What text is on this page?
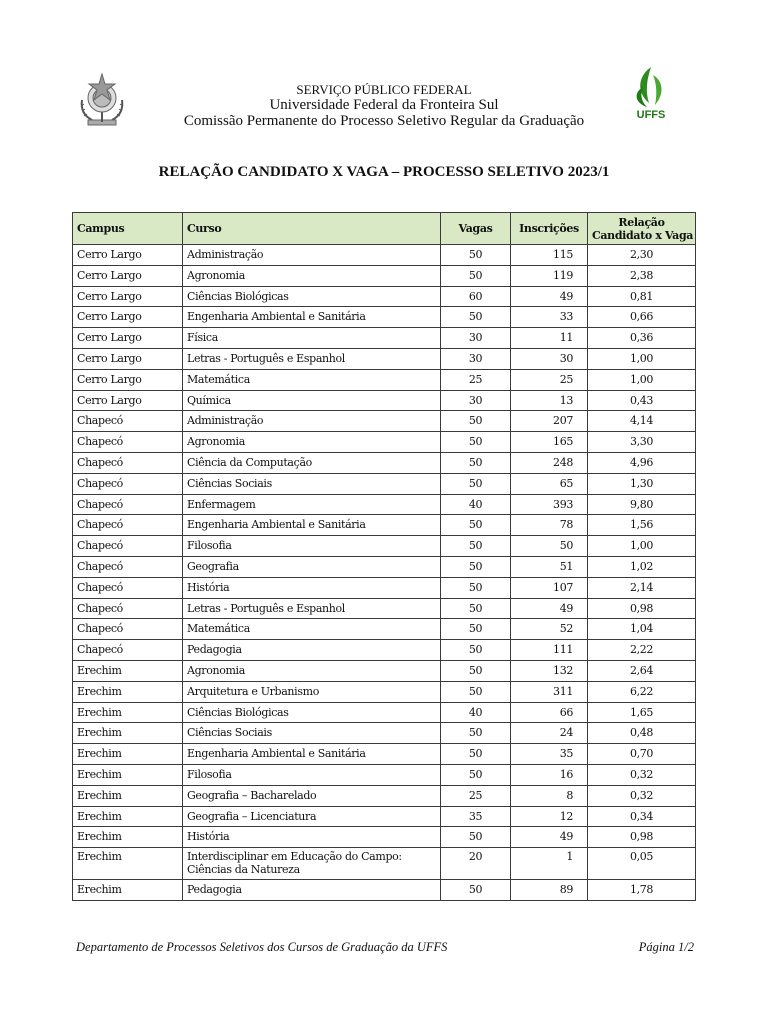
UFFS
SERVIÇO PÚBLICO FEDERAL
Universidade Federal da Fronteira Sul
Comissão Permanente do Processo Seletivo Regular da Graduação
RELAÇÃO CANDIDATO X VAGA – PROCESSO SELETIVO 2023/1
Campus	Curso	Vagas	Inscrições	Relação
Candidato x Vaga

Cerro Largo	Administração	50	115	2,30
Cerro Largo	Agronomia	50	119	2,38
Cerro Largo	Ciências Biológicas	60	49	0,81
Cerro Largo	Engenharia Ambiental e Sanitária	50	33	0,66
Cerro Largo	Física	30	11	0,36
Cerro Largo	Letras - Português e Espanhol	30	30	1,00
Cerro Largo	Matemática	25	25	1,00
Cerro Largo	Química	30	13	0,43
Chapecó	Administração	50	207	4,14
Chapecó	Agronomia	50	165	3,30
Chapecó	Ciência da Computação	50	248	4,96
Chapecó	Ciências Sociais	50	65	1,30
Chapecó	Enfermagem	40	393	9,80
Chapecó	Engenharia Ambiental e Sanitária	50	78	1,56
Chapecó	Filosofia	50	50	1,00
Chapecó	Geografia	50	51	1,02
Chapecó	História	50	107	2,14
Chapecó	Letras - Português e Espanhol	50	49	0,98
Chapecó	Matemática	50	52	1,04
Chapecó	Pedagogia	50	111	2,22
Erechim	Agronomia	50	132	2,64
Erechim	Arquitetura e Urbanismo	50	311	6,22
Erechim	Ciências Biológicas	40	66	1,65
Erechim	Ciências Sociais	50	24	0,48
Erechim	Engenharia Ambiental e Sanitária	50	35	0,70
Erechim	Filosofia	50	16	0,32
Erechim	Geografia – Bacharelado	25	8	0,32
Erechim	Geografia – Licenciatura	35	12	0,34
Erechim	História	50	49	0,98
Erechim	Interdisciplinar em Educação do Campo: Ciências da Natureza	20	1	0,05
Erechim	Pedagogia	50	89	1,78
Departamento de Processos Seletivos dos Cursos de Graduação da UFFS	Página 1/2
